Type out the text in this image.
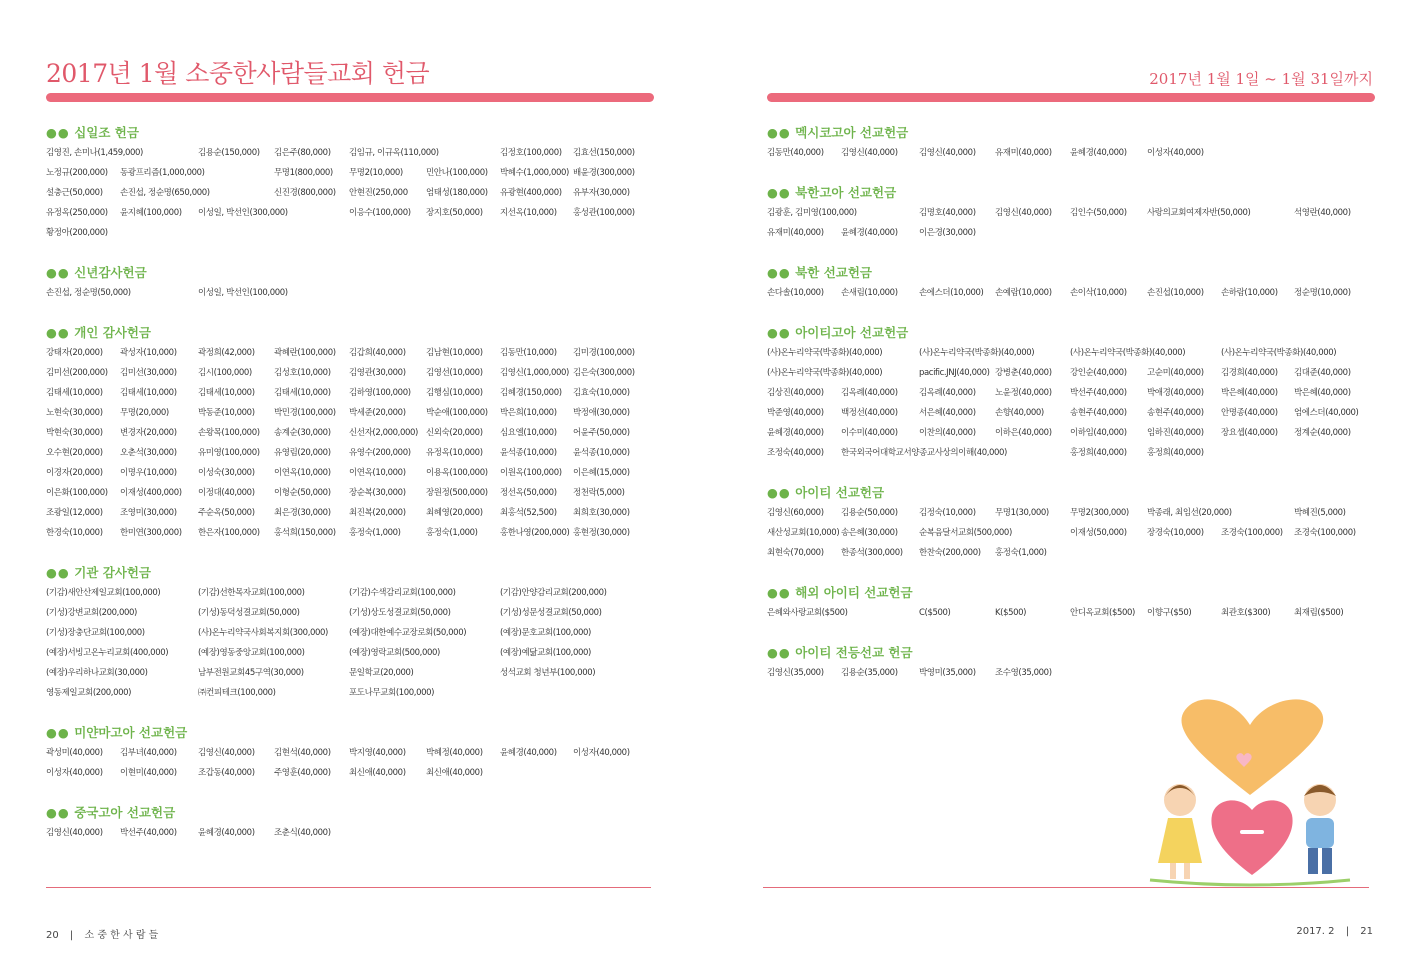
2017년 1월 소중한사람들교회 헌금	2017년 1월 1일 ~ 1월 31일까지
●● 십일조 헌금
김영진, 손미나(1,459,000)	김용순(150,000) 김은주(80,000) 김임규, 이규옥(110,000)	김정호(100,000) 김효선(150,000)
노정규(200,000) 동광프리즘(1,000,000)	무명1(800,000) 무명2(10,000)	민안나(100,000) 박혜수(1,000,000) 배윤경(300,000)
설충근(50,000) 손진섭, 정순명(650,000)	신진경(800,000) 안현진(250,000 엄태성(180,000) 유광현(400,000) 유부자(30,000)
유정옥(250,000) 윤지혜(100,000) 이성일, 박선인(300,000)	이응수(100,000) 장지호(50,000) 지선옥(10,000) 홍성관(100,000)
황정아(200,000)
●● 신년감사헌금
손진섭, 정순명(50,000)	이성일, 박선인(100,000)
●● 개인 감사헌금
강태자(20,000) 곽성자(10,000)	곽정희(42,000) 곽혜란(100,000) 김갑희(40,000) 김남현(10,000) 김동만(10,000) 김미경(100,000)
김미선(200,000) 김미선(30,000)	김시(100,000)	김성호(10,000) 김영관(30,000) 김영선(10,000) 김영신(1,000,000) 김은숙(300,000)
김태세(10,000) 김태세(10,000)	김태세(10,000) 김태세(10,000) 김하영(100,000) 김행심(10,000) 김혜경(150,000) 김효숙(10,000)
노현숙(30,000) 무명(20,000)	박동준(10,000) 박민경(100,000) 박세준(20,000) 박순애(100,000) 박은희(10,000) 박정애(30,000)
박현숙(30,000) 변경자(20,000)	손왕목(100,000) 송계순(30,000) 신선자(2,000,000) 신외숙(20,000) 심요엘(10,000) 어윤주(50,000)
오수현(20,000) 오춘석(30,000)	유미영(100,000) 유영림(20,000) 유영수(200,000) 유정옥(10,000) 윤석종(10,000) 윤석종(10,000)
이경자(20,000) 이명우(10,000)	이성숙(30,000) 이연옥(10,000) 이연옥(10,000) 이용옥(100,000) 이원옥(100,000) 이은혜(15,000)
이은화(100,000) 이재성(400,000) 이정대(40,000) 이형순(50,000) 장순복(30,000) 장원정(500,000) 정선옥(50,000) 정천락(5,000)
조광일(12,000) 조영미(30,000)	주순옥(50,000) 최은경(30,000) 최진복(20,000) 최혜영(20,000) 최홍석(52,500) 최희호(30,000)
한경숙(10,000) 한미연(300,000) 한은자(100,000) 홍석희(150,000) 홍정숙(1,000)	홍정숙(1,000)	홍한나영(200,000) 홍현정(30,000)
●● 기관 감사헌금
(기감)새안산제일교회(100,000)	(기감)선한목자교회(100,000)	(기감)수색감리교회(100,000)	(기감)안양감리교회(200,000)
(기성)강변교회(200,000)	(기성)동덕성결교회(50,000)	(기성)상도성결교회(50,000)	(기성)성문성결교회(50,000)
(기성)장충단교회(100,000)	(사)온누리약국사회복지회(300,000) (예장)대한예수교장로회(50,000)	(예장)문호교회(100,000)
(예장)서빙고온누리교회(400,000)	(예장)영동중앙교회(100,000)	(예장)영락교회(500,000)	(예장)예닮교회(100,000)
(예장)우리하나교회(30,000)	남부전원교회45구역(30,000)	문일학교(20,000)	성석교회 청년부(100,000)
영동제일교회(200,000)	㈜컨피테크(100,000)	포도나무교회(100,000)
●● 미얀마고아 선교헌금
곽성미(40,000) 김부녀(40,000)	김영신(40,000) 김현석(40,000) 박지영(40,000) 박혜정(40,000) 윤혜경(40,000) 이성자(40,000)
이성자(40,000) 이현미(40,000)	조갑동(40,000) 주영훈(40,000) 최신애(40,000) 최신애(40,000)
●● 중국고아 선교헌금
김영신(40,000) 박선주(40,000)	윤혜경(40,000) 조춘식(40,000)
●● 멕시코고아 선교헌금
김동만(40,000) 김영신(40,000)	김영신(40,000) 유재미(40,000) 윤혜경(40,000) 이성자(40,000)
●● 북한고아 선교헌금
김광훈, 김미영(100,000)	김명호(40,000) 김영신(40,000) 김인수(50,000) 사랑의교회여제자반(50,000)	석영란(40,000)
유재미(40,000) 윤혜경(40,000)	이은경(30,000)
●● 북한 선교헌금
손다솔(10,000) 손새림(10,000)	손에스더(10,000) 손예람(10,000) 손이삭(10,000) 손진섭(10,000) 손하람(10,000) 정순명(10,000)
●● 아이티고아 선교헌금
(사)온누리약국(박종화)(40,000)	(사)온누리약국(박종화)(40,000)	(사)온누리약국(박종화)(40,000)	(사)온누리약국(박종화)(40,000)
(사)온누리약국(박종화)(40,000)	pacific.JNJ(40,000) 강병춘(40,000) 강인순(40,000) 고순미(40,000) 김경희(40,000) 김대준(40,000)
김상진(40,000) 김옥례(40,000)	김옥례(40,000) 노윤정(40,000) 박선주(40,000) 박애경(40,000) 박은혜(40,000) 박은혜(40,000)
박준영(40,000) 백정선(40,000)	서은혜(40,000) 손향(40,000)	송현주(40,000) 송현주(40,000) 안명종(40,000) 엄에스더(40,000)
윤혜경(40,000) 이수미(40,000)	이찬의(40,000) 이하은(40,000) 이하임(40,000) 임하진(40,000) 장요셉(40,000) 정계순(40,000)
조정숙(40,000) 한국외국어대학교서양종교사상의이해(40,000)	홍정희(40,000) 홍정희(40,000)
●● 아이티 선교헌금
김영신(60,000) 김용순(50,000)	김정숙(10,000) 무명1(30,000) 무명2(300,000) 박종래, 최임선(20,000)	박혜진(5,000)
새산성교회(10,000) 송은혜(30,000)	순복음달서교회(500,000)	이재성(50,000) 장경숙(10,000) 조경숙(100,000) 조경숙(100,000)
최현숙(70,000) 한종석(300,000) 한찬숙(200,000) 홍정숙(1,000)
●● 해외 아이티 선교헌금
은혜와사랑교회($500)	C($500)	K($500)	안디옥교회($500) 이향구($50)	최관호($300)	최재림($500)
●● 아이티 전등선교 헌금
김영신(35,000) 김용순(35,000)	박영미(35,000) 조수영(35,000)
20 | 소 중 한 사 람 들	2017. 2 | 21
